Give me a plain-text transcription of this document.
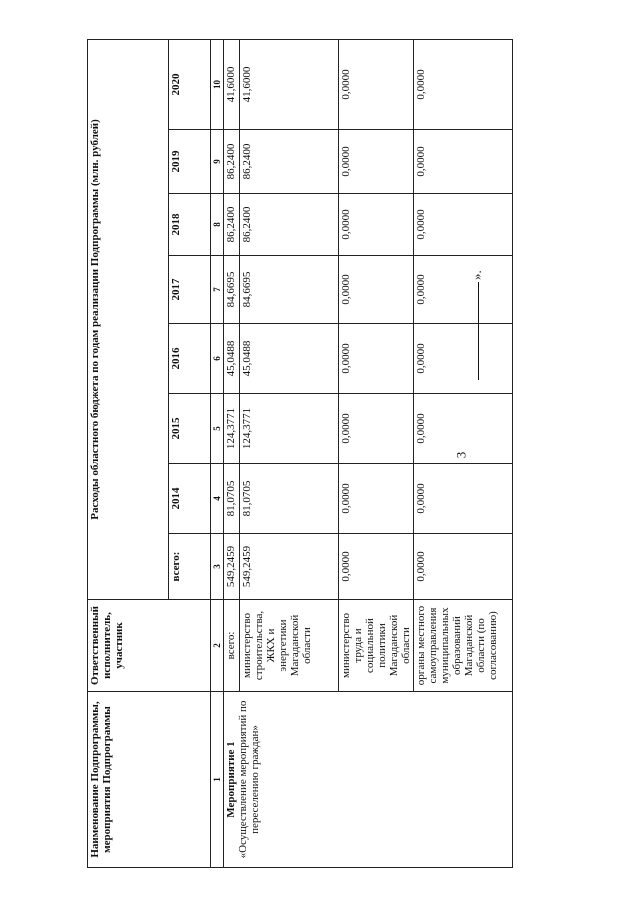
3
».
Наименование Подпрограммы, мероприятия Подпрограммы	Ответственный исполнитель, участник	Расходы областного бюджета по годам реализации Подпрограммы (млн. рублей)							
		всего:	2014	2015	2016	2017	2018	2019	2020
1	2	3	4	5	6	7	8	9	10

Мероприятие 1 «Осуществление мероприятий по переселению граждан»	всего:	549,2459	81,0705	124,3771	45,0488	84,6695	86,2400	86,2400	41,6000
	министерство строительства, ЖКХ и энергетики Магаданской области	549,2459	81,0705	124,3771	45,0488	84,6695	86,2400	86,2400	41,6000
	министерство труда и социальной политики Магаданской области	0,0000	0,0000	0,0000	0,0000	0,0000	0,0000	0,0000	0,0000
	органы местного самоуправления муниципальных образований Магаданской области (по согласованию)	0,0000	0,0000	0,0000	0,0000	0,0000	0,0000	0,0000	0,0000
